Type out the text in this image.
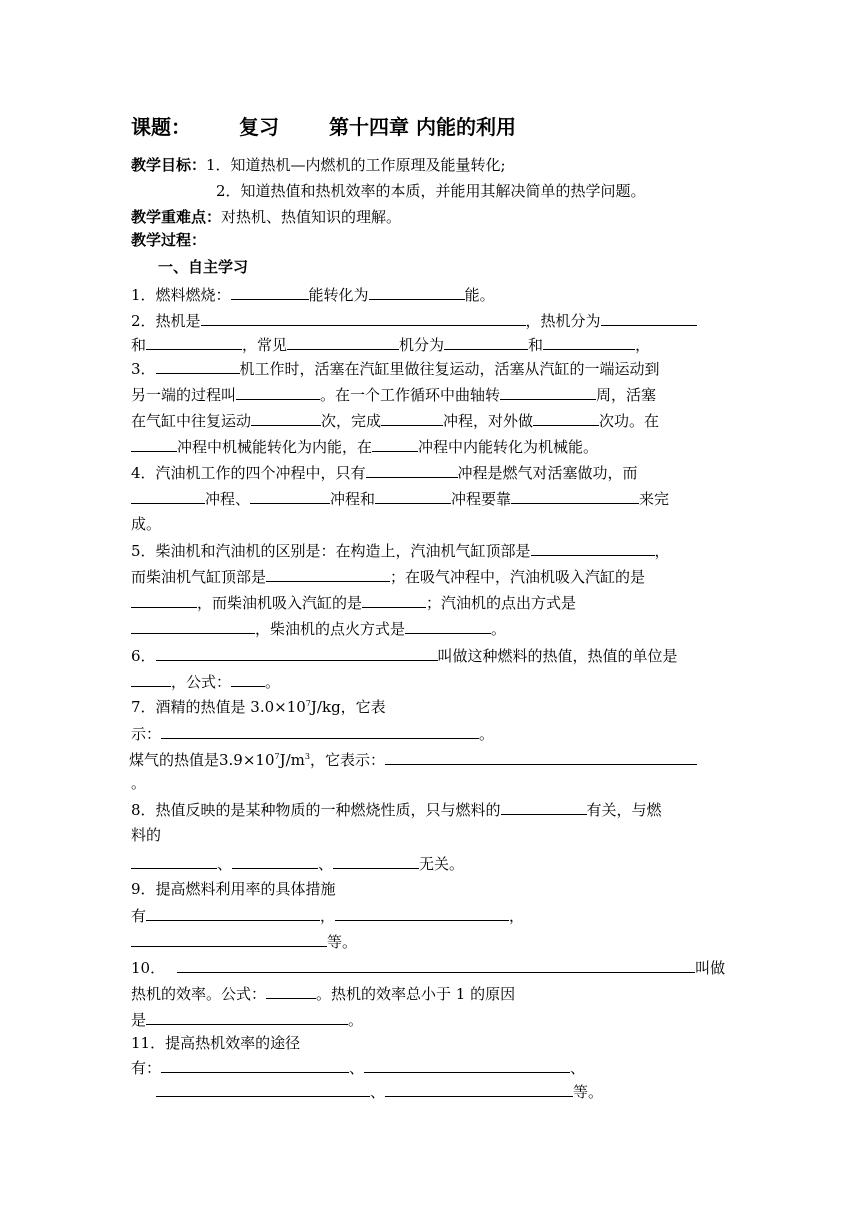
课题： 复习	第十四章 内能的利用
教学目标：1．知道热机—内燃机的工作原理及能量转化;
2．知道热值和热机效率的本质，并能用其解决简单的热学问题。
教学重难点：对热机、热值知识的理解。
教学过程：
一、自主学习
1．燃料燃烧：	能转化为	能。
2．热机是	，热机分为
和	，常见	机分为	和	，
3．	机工作时，活塞在汽缸里做往复运动，活塞从汽缸的一端运动到
另一端的过程叫	。在一个工作循环中曲轴转	周，活塞
在气缸中往复运动	次，完成	冲程，对外做	次功。在
冲程中机械能转化为内能，在	冲程中内能转化为机械能。
4．汽油机工作的四个冲程中，只有	冲程是燃气对活塞做功，而
冲程、	冲程和	冲程要靠	来完
成。
5．柴油机和汽油机的区别是：在构造上，汽油机气缸顶部是	，
而柴油机气缸顶部是	；在吸气冲程中，汽油机吸入汽缸的是
，而柴油机吸入汽缸的是	；汽油机的点出方式是
，柴油机的点火方式是	。
6．	叫做这种燃料的热值，热值的单位是
，公式： 。
7．酒精的热值是 $3.0\times 10^7J/kg$，它表
示：	。
煤气的热值是$3.9\times 10^7J/m^3$，它表示：
。
8．热值反映的是某种物质的一种燃烧性质，只与燃料的	有关，与燃
料的
、	、	无关。
9．提高燃料利用率的具体措施
有	，	，
等。
10．	叫做
热机的效率。公式：	。热机的效率总小于 1 的原因
是	。
11．提高热机效率的途径
有：	、	、
、	等。
